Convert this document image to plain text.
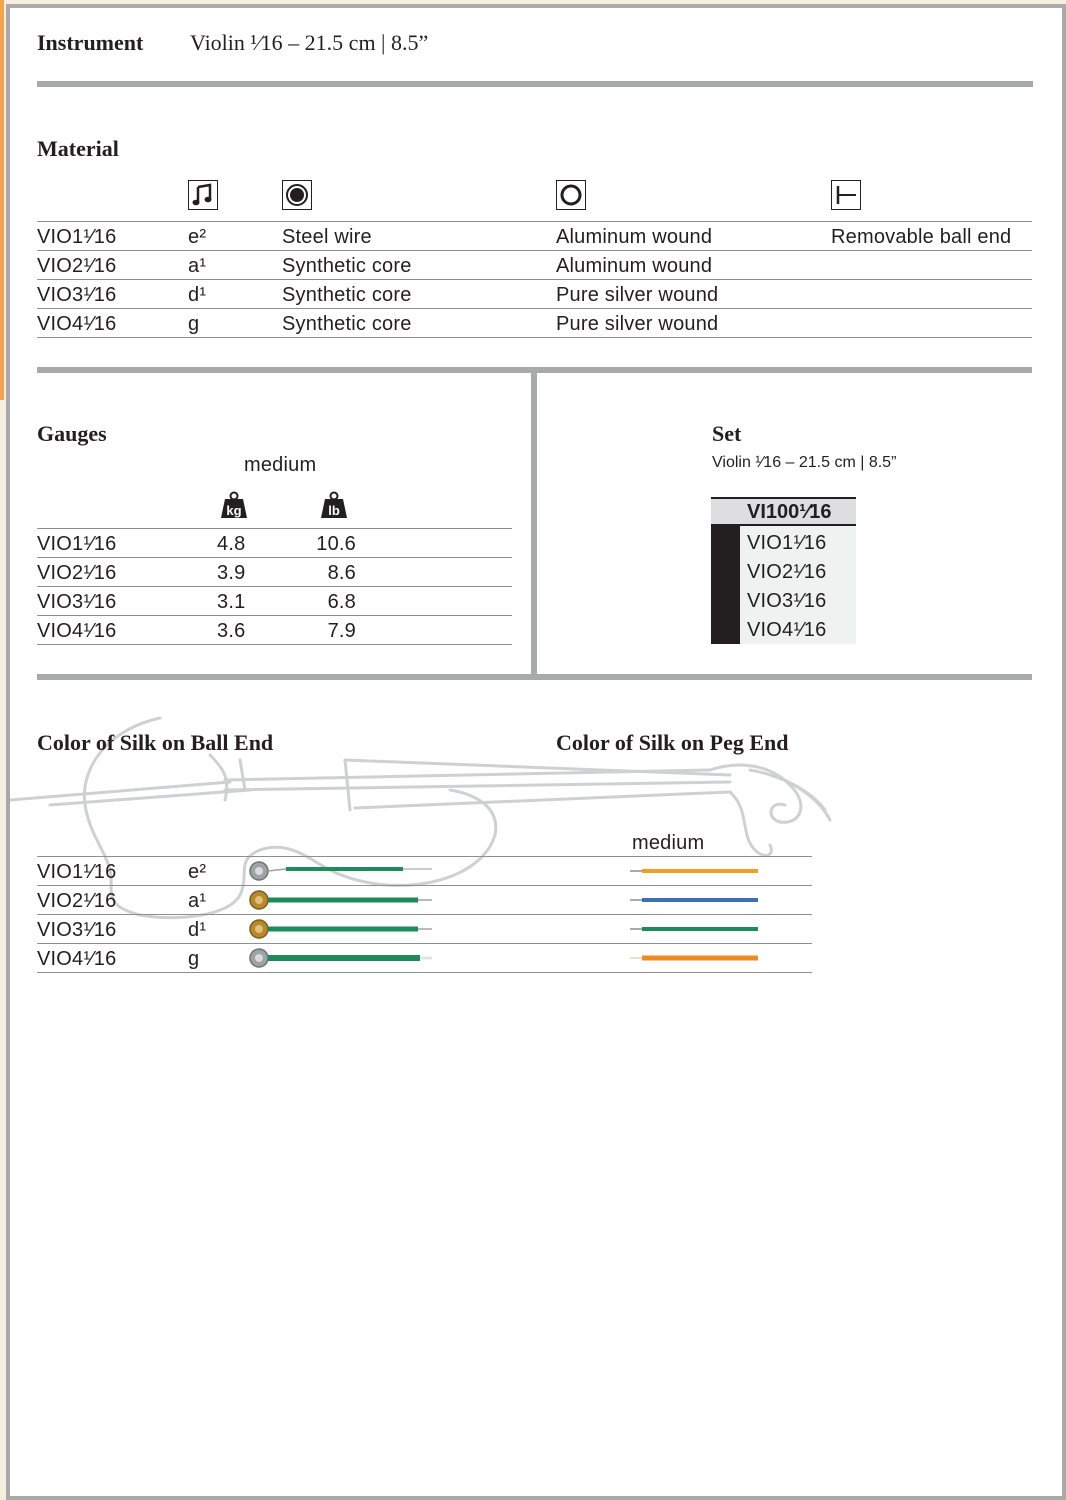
Instrument Violin ¹⁄16 – 21.5 cm | 8.5”
Material
VIO1¹⁄16	e²	Steel wire	Aluminum wound	Removable ball end
VIO2¹⁄16	a¹	Synthetic core	Aluminum wound
VIO3¹⁄16	d¹	Synthetic core	Pure silver wound
VIO4¹⁄16	g	Synthetic core	Pure silver wound
Gauges
medium
kg	lb
VIO1¹⁄16	4.8	10.6
VIO2¹⁄16	3.9	8.6
VIO3¹⁄16	3.1	6.8
VIO4¹⁄16	3.6	7.9
Set
Violin ¹⁄16 – 21.5 cm | 8.5”
VI100¹⁄16
VIO1¹⁄16
VIO2¹⁄16
VIO3¹⁄16
VIO4¹⁄16
Color of Silk on Ball End	Color of Silk on Peg End
medium
VIO1¹⁄16	e²
VIO2¹⁄16	a¹
VIO3¹⁄16	d¹
VIO4¹⁄16	g
